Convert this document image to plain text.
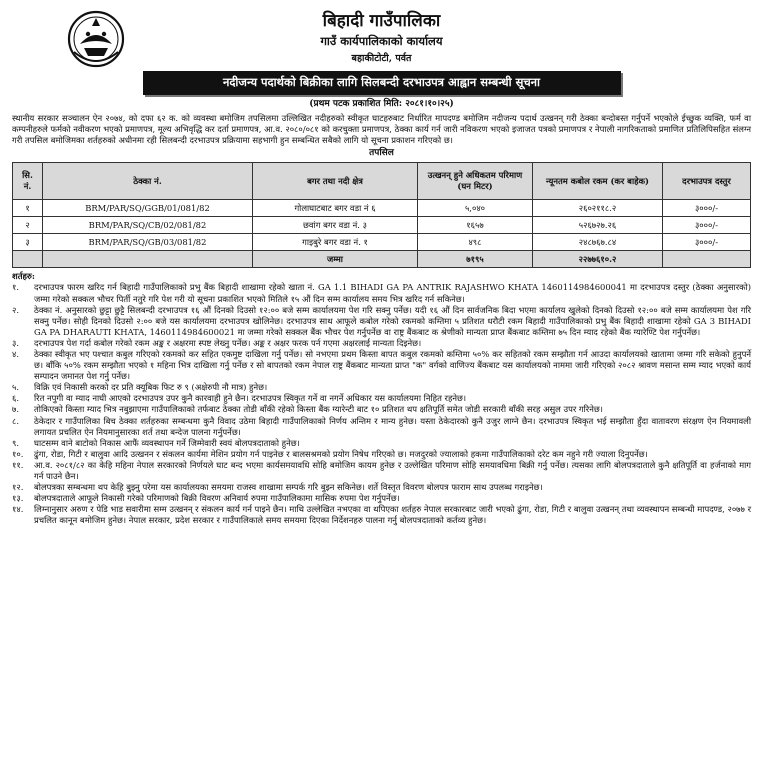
बिहादी गाउँपालिका
गाउँ कार्यपालिकाको कार्यालय
बहाकीटोटी, पर्वत
नदीजन्य पदार्थको बिक्रीका लागि सिलबन्दी दरभाउपत्र आह्वान सम्बन्धी सूचना
(प्रथम पटक प्रकाशित मिति: २०८१।१०।२५)
स्थानीय सरकार सञ्चालन ऐन २०७४, को दफा ६२ क. को व्यवस्था बमोजिम तपसिलमा उल्लिखित नदीहरुको स्वीकृत घाटहरुबाट निर्धारित मापदण्ड बमोजिम नदीजन्य पदार्थ उत्खनन् गरी ठेक्का बन्दोबस्त गर्नुपर्ने भएकोले ईच्छुक व्यक्ति, फर्म वा कम्पनीहरुले फर्मको नवीकरण भएको प्रमाणपत्र, मूल्य अभिवृद्धि कर दर्ता प्रमाणपत्र, आ.व. २०८०/०८१ को करचुक्ता प्रमाणपत्र, ठेक्का कार्य गर्न जारी नविकरण भएको इजाजत पत्रको प्रमाणपत्र र नेपाली नागरिकताको प्रमाणित प्रतिलिपिसहित संलग्न गरी तपसिल बमोजिमका शर्तहरुको अधीनमा रही सिलबन्दी दरभाउपत्र प्रक्रियामा सहभागी हुन सम्बन्धित सबैको लागि यो सूचना प्रकाशन गरिएको छ।
तपसिल
सि. नं.	ठेक्का नं.	बगर तथा नदी क्षेत्र	उत्खनन् हुने अधिकतम परिमाण (घन मिटर)	न्यूनतम कबोल रकम (कर बाहेक)	दरभाउपत्र दस्तुर
१	BRM/PAR/SQ/GGB/01/081/82	गोलाघाटबाट बगर वडा नं ६	५,०४०	२६०२११८.२	३०००/-
२	BRM/PAR/SQ/CB/02/081/82	छवांग बगर वडा नं. ३	१६५७	५२६७२७.२६	३०००/-
३	BRM/PAR/SQ/GB/03/081/82	गाइबुरे बगर वडा नं. १	४९८	२४८७६७.८४	३०००/-
		जम्मा	७१९५	२२७७६१०.२	
शर्तहरु:
१.	दरभाउपत्र फारम खरिद गर्न बिहादी गाउँपालिकाको प्रभु बैंक बिहादी शाखामा रहेको खाता नं. GA 1.1 BIHADI GA PA ANTRIK RAJASHWO KHATA 1460114984600041 मा दरभाउपत्र दस्तुर (ठेक्का अनुसारको) जम्मा गरेको सक्कल भौचर पिर्ती नतुरे गरि पेश गरी यो सूचना प्रकाशित भएको मितिले १५ औं दिन सम्म कार्यालय समय भित्र खरिद गर्न सकिनेछ।
२.	ठेक्का नं. अनुसारको छुट्टा छुट्टै सिलबन्दी दरभाउपत्र १६ औं दिनको दिउसो १२:०० बजे सम्म कार्यालयमा पेश गरि सक्नु पर्नेछ। यदी १६ औं दिन सार्वजनिक बिदा भएमा कार्यालय खुलेको दिनको दिउसो १२:०० बजे सम्म कार्यालयमा पेश गरि सक्नु पर्नेछ। सोही दिनको दिउसो २:०० बजे यस कार्यालयमा दरभाउपत्र खोलिनेछ। दरभाउपत्र साथ आफूले कबोल गरेको रकमको कम्तिमा ५ प्रतिशत धरौटी रकम बिहादी गाउँपालिकाको प्रभु बैंक बिहादी शाखामा रहेको GA 3 BIHADI GA PA DHARAUTI KHATA, 1460114984600021 मा जम्मा गरेको सक्कल बैंक भौचर पेश गर्नुपर्नेछ वा राष्ट्र बैंकबाट क श्रेणीको मान्यता प्राप्त बैंकबाट कम्तिमा ७५ दिन म्याद रहेको बैंक ग्यारेण्टि पेश गर्नुपर्नेछ।
३.	दरभाउपत्र पेश गर्दा कबोल गरेको रकम अङ्क र अक्षरमा स्पष्ट लेख्नु पर्नेछ। अङ्क र अक्षर फरक पर्न गएमा अक्षरलाई मान्यता दिइनेछ।
४.	ठेक्का स्वीकृत भए पश्चात कबुल गरिएको रकमको कर सहित एकमुष्ट दाखिला गर्नु पर्नेछ। सो नभएमा प्रथम किस्ता बापत कबुल रकमको कम्तिमा ५०% कर सहितको रकम सम्झौता गर्न आउदा कार्यालयको खातामा जम्मा गरि सकेको हुनुपर्ने छ। बाँकि ५०% रकम सम्झौता भएको १ महिना भित्र दाखिला गर्नु पर्नेछ र सो बापतको रकम नेपाल राष्ट्र बैंकबाट मान्यता प्राप्त "क" वर्गको वाणिज्य बैंकबाट यस कार्यालयको नाममा जारी गरिएको २०८२ श्रावण मसान्त सम्म म्याद भएको कार्य सम्पादन जमानत पेश गर्नु पर्नेछ।
५.	विक्रि एवं निकासी करको दर प्रति क्यूबिक फिट रु ९ (अक्षेरुपी नौ मात्र) हुनेछ।
६.	रित नपुगी वा म्याद नाघी आएको दरभाउपत्र उपर कुनै कारवाही हुने छैन। दरभाउपत्र स्विकृत गर्ने वा नगर्ने अधिकार यस कार्यालयमा निहित रहनेछ।
७.	तोकिएको किस्ता म्याद भित्र नबुझाएमा गाउँपालिकाको तर्फबाट ठेक्का तोडी बाँकी रहेको किस्ता बैंक ग्यारेन्टी बाट १० प्रतिशत थप क्षतिपूर्ति समेत जोडी सरकारी बाँकी सरह असुल उपर गरिनेछ।
८.	ठेकेदार र गाउँपालिका बिच ठेक्का शर्तहरुका सम्बन्धमा कुनै विवाद उठेमा बिहादी गाउँपालिकाको निर्णय अन्तिम र मान्य हुनेछ। यस्ता ठेकेदारको कुनै उजुर लाग्ने छैन। दरभाउपत्र स्विकृत भई सम्झौता हुँदा वातावरण संरक्षण ऐन नियमावली लगायत प्रचलित ऐन नियमानुसारका शर्त तथा बन्देज पालना गर्नुपर्नेछ।
९.	घाटसम्म वाने बाटोको निकास आफैं व्यवस्थापन गर्ने जिम्मेवारी स्वयं बोलपत्रदाताको हुनेछ।
१०.	ढुंगा, रोडा, गिटी र बालुवा आदि उत्खनन र संकलन कार्यमा मेशिन प्रयोग गर्न पाइनेछ र बालसश्रमको प्रयोग निषेध गरिएको छ। मजदुरको ज्यालाको हकमा गाउँपालिकाको दरेट कम नहुने गरी ज्याला दिनुपर्नेछ।
११.	आ.व. २०८१/८२ का केहि महिना नेपाल सरकारको निर्णयले घाट बन्द भएमा कार्यसमयावधि सोहि बमोजिम कायम हुनेछ र उल्लेखित परिमाण सोहि समयावधिमा बिक्री गर्नु पर्नेछ। त्यसका लागि बोलपत्रदाताले कुनै क्षतिपूर्ति वा हर्जनाको माग गर्न पाउने छैन।
१२.	बोलपत्रका सम्बन्धमा थप केहि बुझ्नु परेमा यस कार्यालयका समयमा राजस्व शाखामा सम्पर्क गरि बुझ्न सकिनेछ। शर्ते विस्तृत विवरण बोलपत्र फाराम साथ उपलब्ध गराइनेछ।
१३.	बोलपत्रदाताले आफूले निकासी गरेको परिमाणको बिक्री विवरण अनिवार्य रुपमा गाउँपालिकामा मासिक रुपमा पेश गर्नुपर्नेछ।
१४.	लिम्नानुसार अरुण र पेडि भाड सवारीमा सम्म उत्खनन् र संकलन कार्य गर्न पाइने छैन। माथि उल्लेखित नभएका वा थपिएका शर्तहरु नेपाल सरकारबाट जारी भएको ढुंगा, रोडा, गिटी र बालुवा उत्खनन् तथा व्यवस्थापन सम्बन्धी मापदण्ड, २०७७ र प्रचलित कानून बमोजिम हुनेछ। नेपाल सरकार, प्रदेश सरकार र गाउँपालिकाले समय समयमा दिएका निर्देशनहरु पालना गर्नु बोलपत्रदाताको कर्तव्य हुनेछ।
